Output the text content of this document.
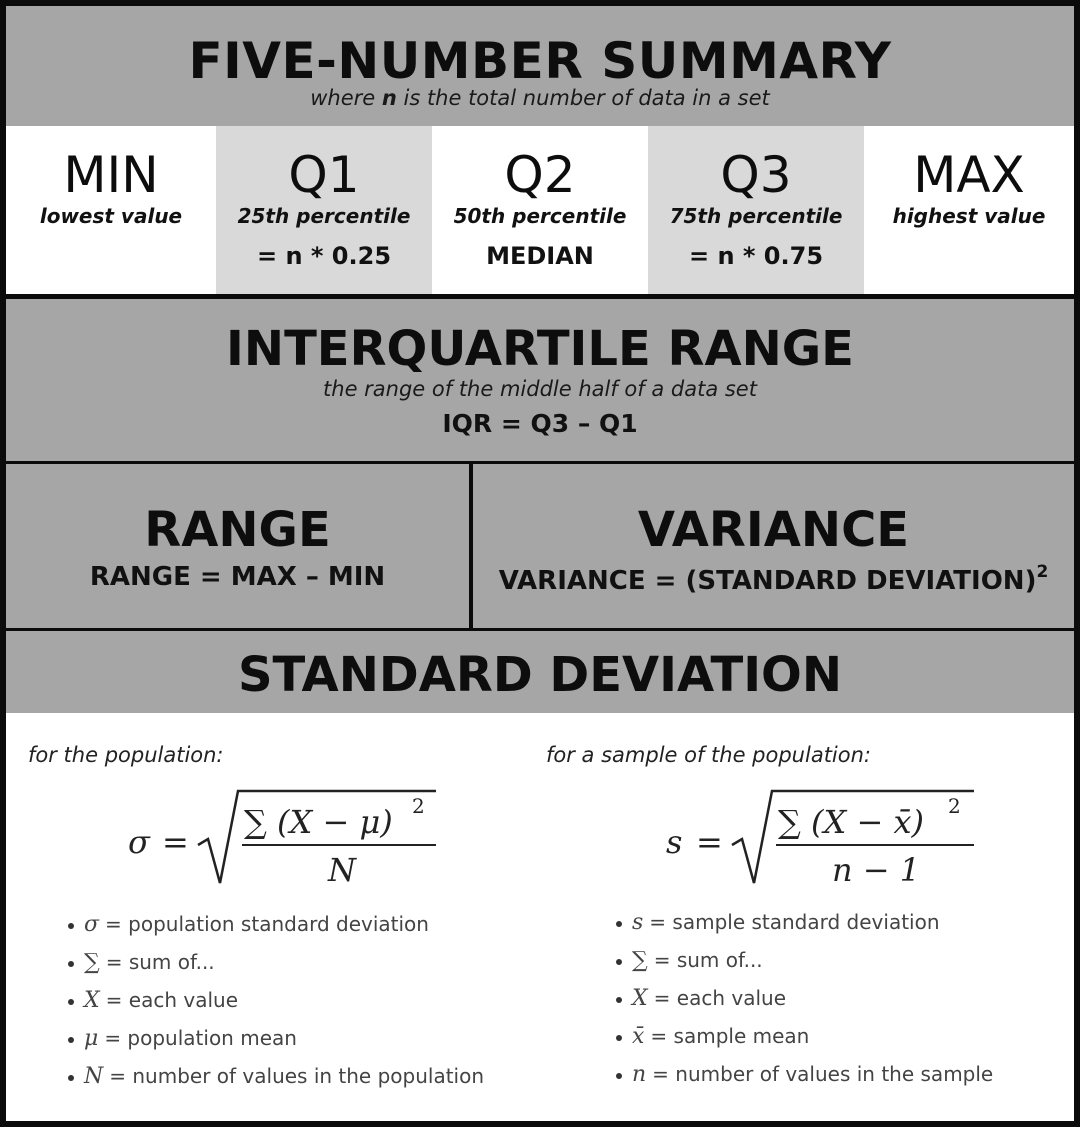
FIVE-NUMBER SUMMARY
where n is the total number of data in a set
MIN
lowest value
Q1
25th percentile
= n * 0.25
Q2
50th percentile
MEDIAN
Q3
75th percentile
= n * 0.75
MAX
highest value
INTERQUARTILE RANGE
the range of the middle half of a data set
IQR = Q3 – Q1
RANGE
RANGE = MAX – MIN
VARIANCE
VARIANCE = (STANDARD DEVIATION)$^2$
STANDARD DEVIATION
for the population:
σ =
∑ (X − μ) 2
N
σ = population standard deviation
∑ = sum of...
X = each value
μ = population mean
N = number of values in the population
for a sample of the population:
s =
∑ (X − x̄) 2
n − 1
s = sample standard deviation
∑ = sum of...
X = each value
x̄ = sample mean
n = number of values in the sample
